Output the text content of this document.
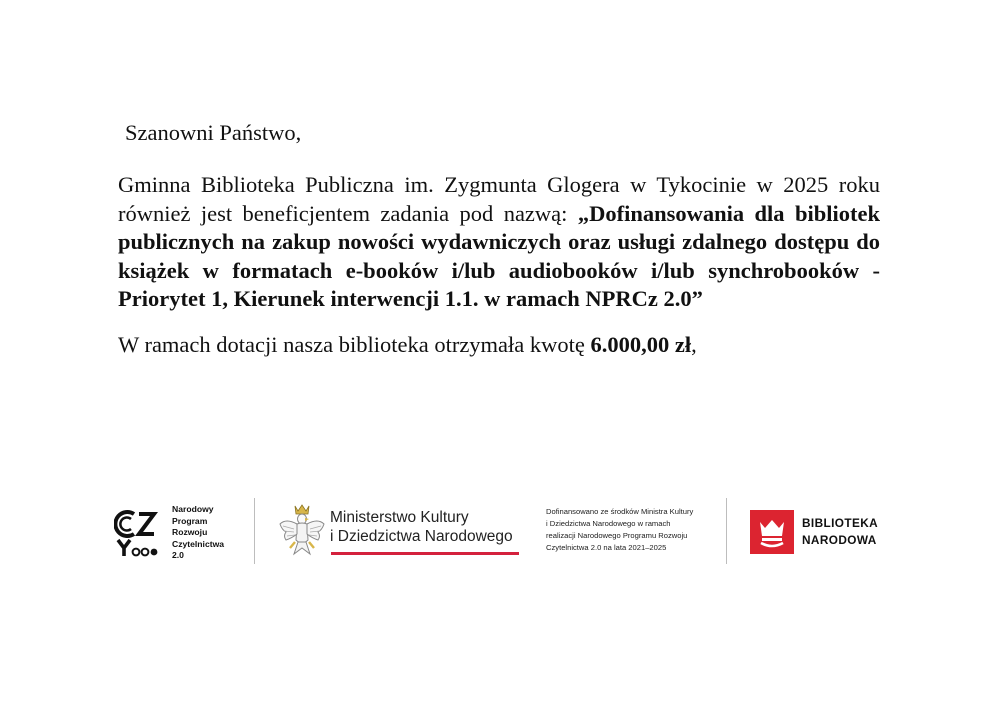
Szanowni Państwo,

Gminna Biblioteka Publiczna im. Zygmunta Glogera w Tykocinie w 2025 roku również jest beneficjentem zadania pod nazwą: „Dofinansowania dla bibliotek publicznych na zakup nowości wydawniczych oraz usługi zdalnego dostępu do książek w formatach e-booków i/lub audiobooków i/lub synchrobooków - Priorytet 1, Kierunek interwencji 1.1. w ramach NPRCz 2.0”

W ramach dotacji nasza biblioteka otrzymała kwotę 6.000,00 zł,

Narodowy
Program
Rozwoju
Czytelnictwa
2.0
Ministerstwo Kultury
i Dziedzictwa Narodowego
Dofinansowano ze środków Ministra Kultury
i Dziedzictwa Narodowego w ramach
realizacji Narodowego Programu Rozwoju
Czytelnictwa 2.0 na lata 2021–2025
BIBLIOTEKA
NARODOWA
